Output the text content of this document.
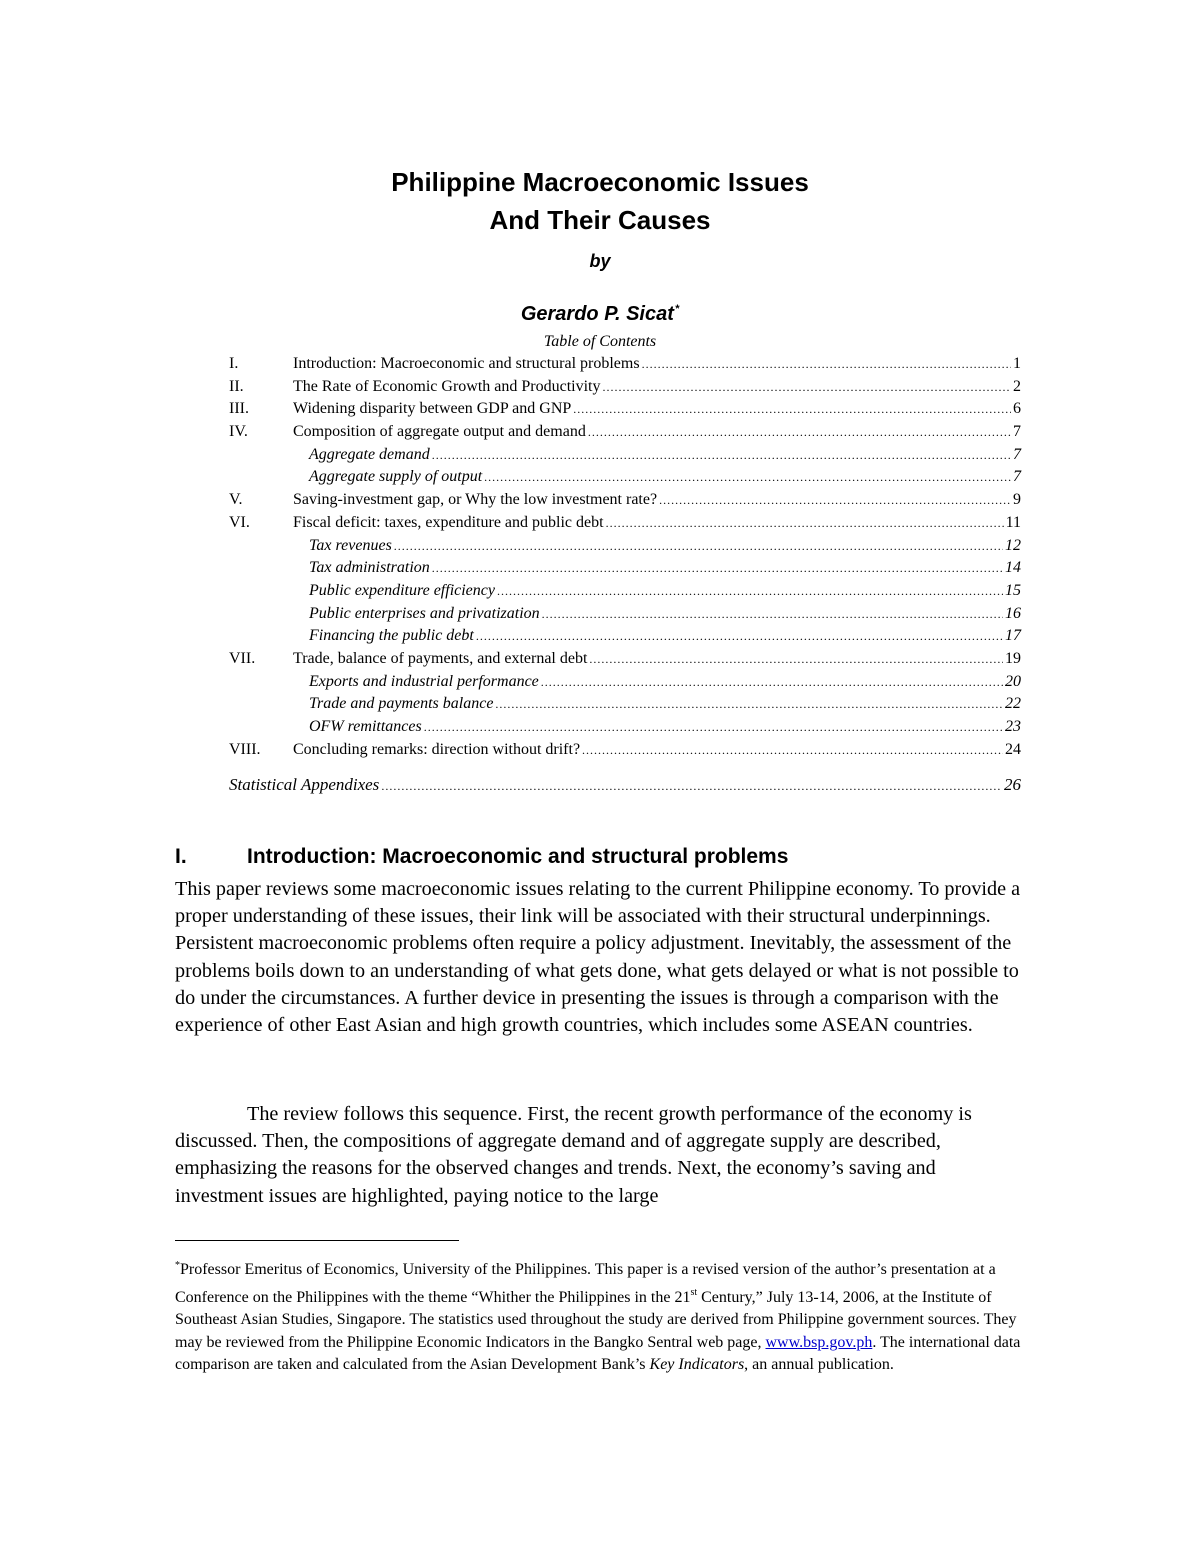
Philippine Macroeconomic Issues
And Their Causes
by
Gerardo P. Sicat*
Table of Contents
I.	Introduction: Macroeconomic and structural problems .....	1
II.	The Rate of Economic Growth and Productivity .....	2
III.	Widening disparity between GDP and GNP .....	6
IV.	Composition of aggregate output and demand .....	7
Aggregate demand .....	7
Aggregate supply of output .....	7
V.	Saving-investment gap, or Why the low investment rate? .....	9
VI.	Fiscal deficit: taxes, expenditure and public debt .....	11
Tax revenues .....	12
Tax administration .....	14
Public expenditure efficiency .....	15
Public enterprises and privatization .....	16
Financing the public debt .....	17
VII.	Trade, balance of payments, and external debt .....	19
Exports and industrial performance .....	20
Trade and payments balance .....	22
OFW remittances .....	23
VIII.	Concluding remarks: direction without drift? .....	24
Statistical Appendixes .....	26
I.	Introduction: Macroeconomic and structural problems
This paper reviews some macroeconomic issues relating to the current Philippine economy. To provide a proper understanding of these issues, their link will be associated with their structural underpinnings. Persistent macroeconomic problems often require a policy adjustment. Inevitably, the assessment of the problems boils down to an understanding of what gets done, what gets delayed or what is not possible to do under the circumstances. A further device in presenting the issues is through a comparison with the experience of other East Asian and high growth countries, which includes some ASEAN countries.
The review follows this sequence. First, the recent growth performance of the economy is discussed. Then, the compositions of aggregate demand and of aggregate supply are described, emphasizing the reasons for the observed changes and trends. Next, the economy’s saving and investment issues are highlighted, paying notice to the large
*Professor Emeritus of Economics, University of the Philippines. This paper is a revised version of the author’s presentation at a Conference on the Philippines with the theme “Whither the Philippines in the 21st Century,” July 13-14, 2006, at the Institute of Southeast Asian Studies, Singapore. The statistics used throughout the study are derived from Philippine government sources. They may be reviewed from the Philippine Economic Indicators in the Bangko Sentral web page, www.bsp.gov.ph. The international data comparison are taken and calculated from the Asian Development Bank’s Key Indicators, an annual publication.
